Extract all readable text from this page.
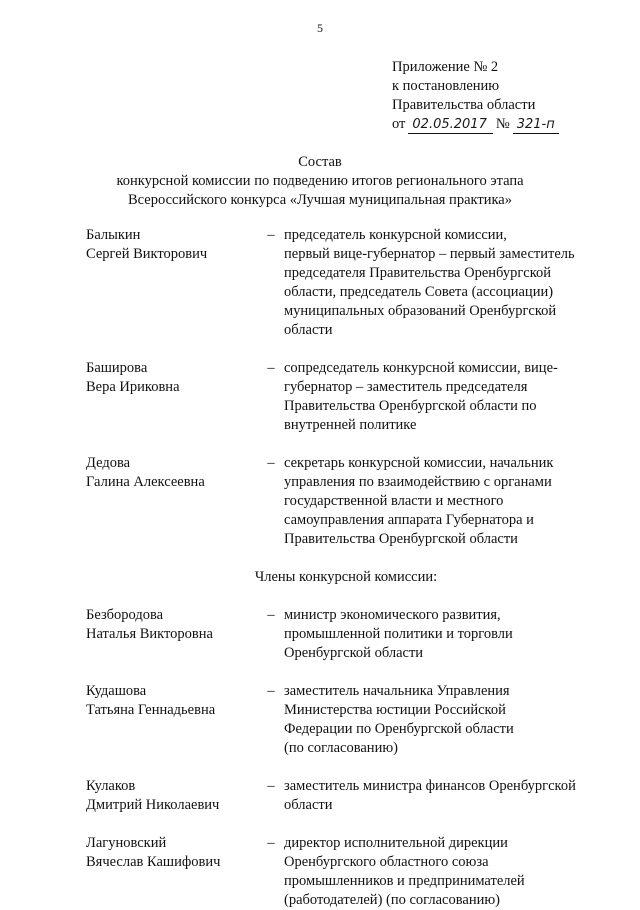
5
Приложение № 2
к постановлению
Правительства области
от 02.05.2017 № 321-п
Состав
конкурсной комиссии по подведению итогов регионального этапа
Всероссийского конкурса «Лучшая муниципальная практика»
Балыкин
Сергей Викторович
– председатель конкурсной комиссии,
первый вице-губернатор – первый заместитель
председателя Правительства Оренбургской
области, председатель Совета (ассоциации)
муниципальных образований Оренбургской
области
Баширова
Вера Ириковна
– сопредседатель конкурсной комиссии, вице-
губернатор – заместитель председателя
Правительства Оренбургской области по
внутренней политике
Дедова
Галина Алексеевна
– секретарь конкурсной комиссии, начальник
управления по взаимодействию с органами
государственной власти и местного
самоуправления аппарата Губернатора и
Правительства Оренбургской области
Члены конкурсной комиссии:
Безбородова
Наталья Викторовна
– министр экономического развития,
промышленной политики и торговли
Оренбургской области
Кудашова
Татьяна Геннадьевна
– заместитель начальника Управления
Министерства юстиции Российской
Федерации по Оренбургской области
(по согласованию)
Кулаков
Дмитрий Николаевич
– заместитель министра финансов Оренбургской
области
Лагуновский
Вячеслав Кашифович
– директор исполнительной дирекции
Оренбургского областного союза
промышленников и предпринимателей
(работодателей) (по согласованию)
